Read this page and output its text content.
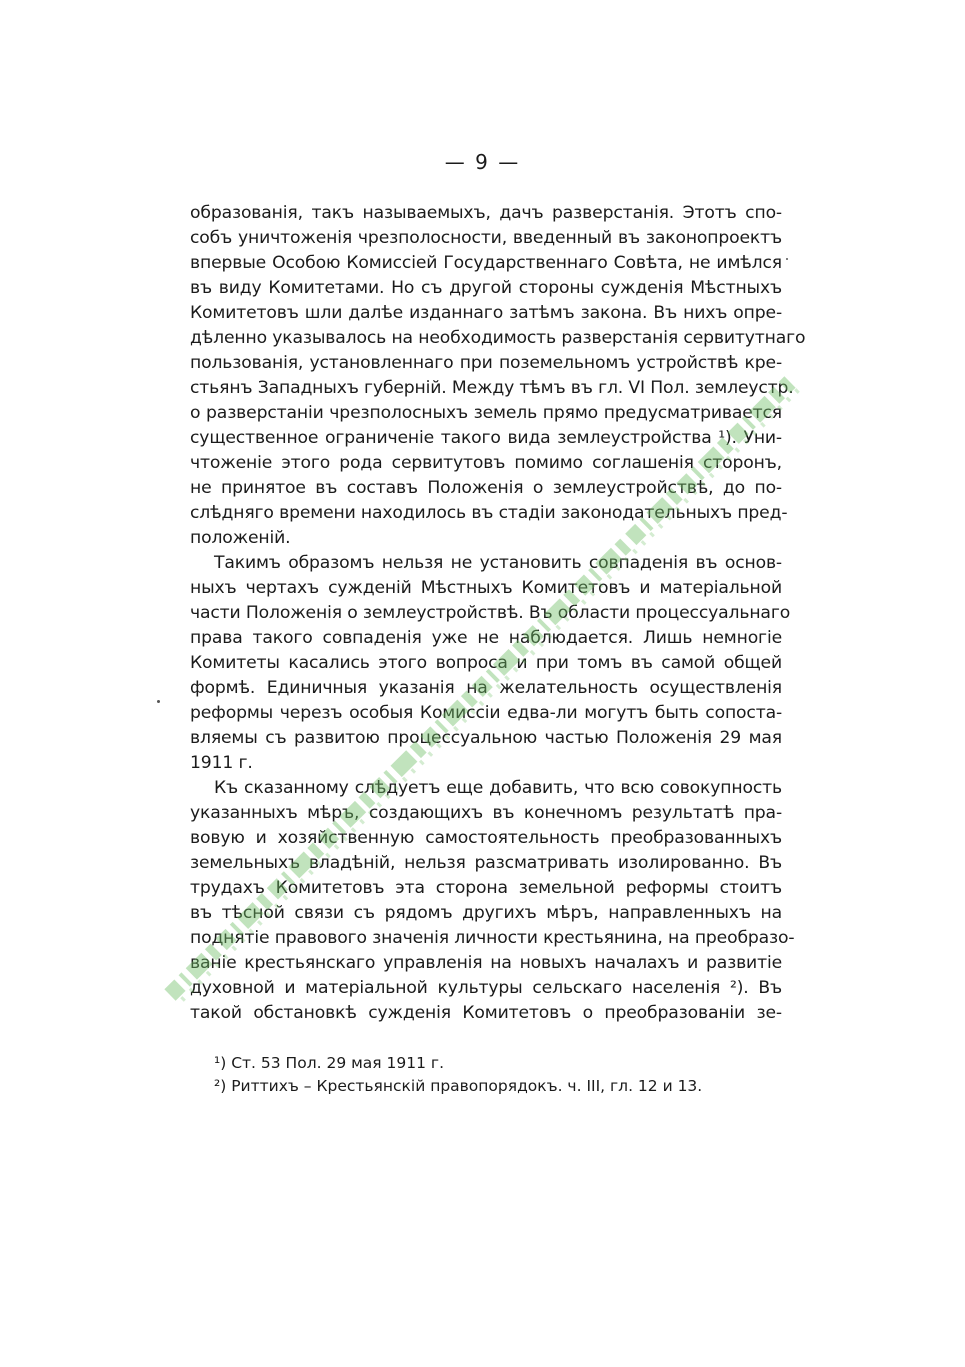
— 9 —
образованія, такъ называемыхъ, дачъ разверстанія. Этотъ спо-
собъ уничтоженія чрезполосности, введенный въ законопроектъ
впервые Особою Комиссіей Государственнаго Совѣта, не имѣлся
въ виду Комитетами. Но съ другой стороны сужденія Мѣстныхъ
Комитетовъ шли далѣе изданнаго затѣмъ закона. Въ нихъ опре-
дѣленно указывалось на необходимость разверстанія сервитутнаго
пользованія, установленнаго при поземельномъ устройствѣ кре-
стьянъ Западныхъ губерній. Между тѣмъ въ гл. VI Пол. землеустр.
о разверстаніи чрезполосныхъ земель прямо предусматривается
существенное ограниченіе такого вида землеустройства ¹). Уни-
чтоженіе этого рода сервитутовъ помимо соглашенія сторонъ,
не принятое въ составъ Положенія о землеустройствѣ, до по-
слѣдняго времени находилось въ стадіи законодательныхъ пред-
положеній.
Такимъ образомъ нельзя не установить совпаденія въ основ-
ныхъ чертахъ сужденій Мѣстныхъ Комитетовъ и матеріальной
части Положенія о землеустройствѣ. Въ области процессуальнаго
права такого совпаденія уже не наблюдается. Лишь немногіе
Комитеты касались этого вопроса и при томъ въ самой общей
формѣ. Единичныя указанія на желательность осуществленія
реформы черезъ особыя Комиссіи едва-ли могутъ быть сопоста-
вляемы съ развитою процессуальною частью Положенія 29 мая
1911 г.
Къ сказанному слѣдуетъ еще добавить, что всю совокупность
указанныхъ мѣръ, создающихъ въ конечномъ результатѣ пра-
вовую и хозяйственную самостоятельность преобразованныхъ
земельныхъ владѣній, нельзя разсматривать изолированно. Въ
трудахъ Комитетовъ эта сторона земельной реформы стоитъ
въ тѣсной связи съ рядомъ другихъ мѣръ, направленныхъ на
поднятіе правового значенія личности крестьянина, на преобразо-
ваніе крестьянскаго управленія на новыхъ началахъ и развитіе
духовной и матеріальной культуры сельскаго населенія ²). Въ
такой обстановкѣ сужденія Комитетовъ о преобразованіи зе-
¹) Ст. 53 Пол. 29 мая 1911 г.
²) Риттихъ – Крестьянскій правопорядокъ. ч. III, гл. 12 и 13.
